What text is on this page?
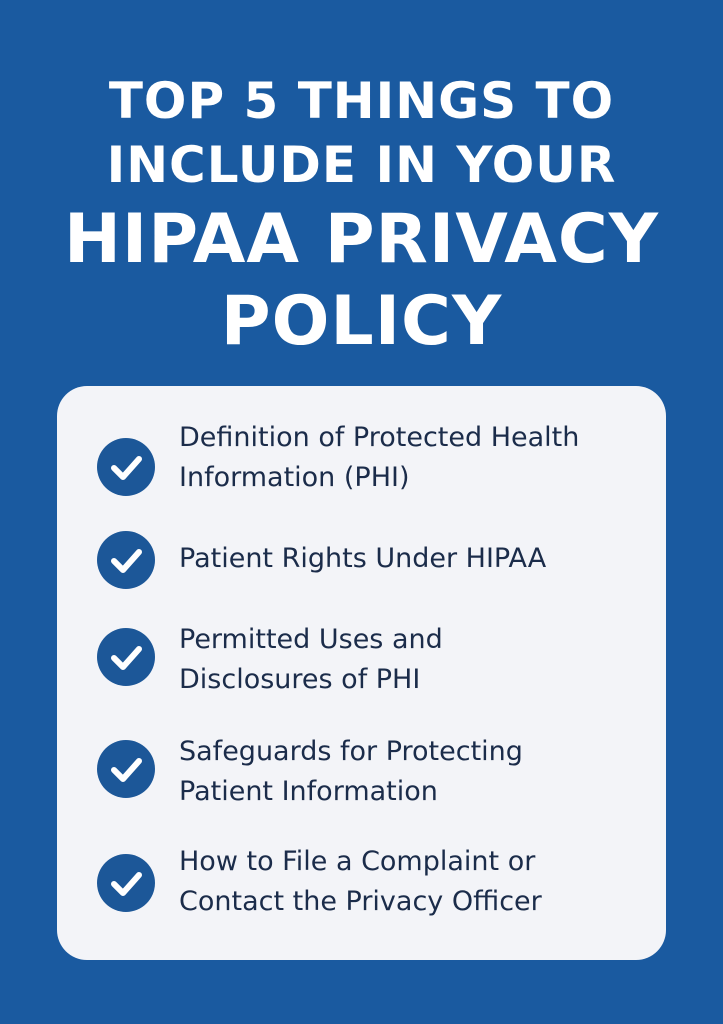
TOP 5 THINGS TO
INCLUDE IN YOUR
HIPAA PRIVACY
POLICY
Definition of Protected Health
Information (PHI)
Patient Rights Under HIPAA
Permitted Uses and
Disclosures of PHI
Safeguards for Protecting
Patient Information
How to File a Complaint or
Contact the Privacy Officer
